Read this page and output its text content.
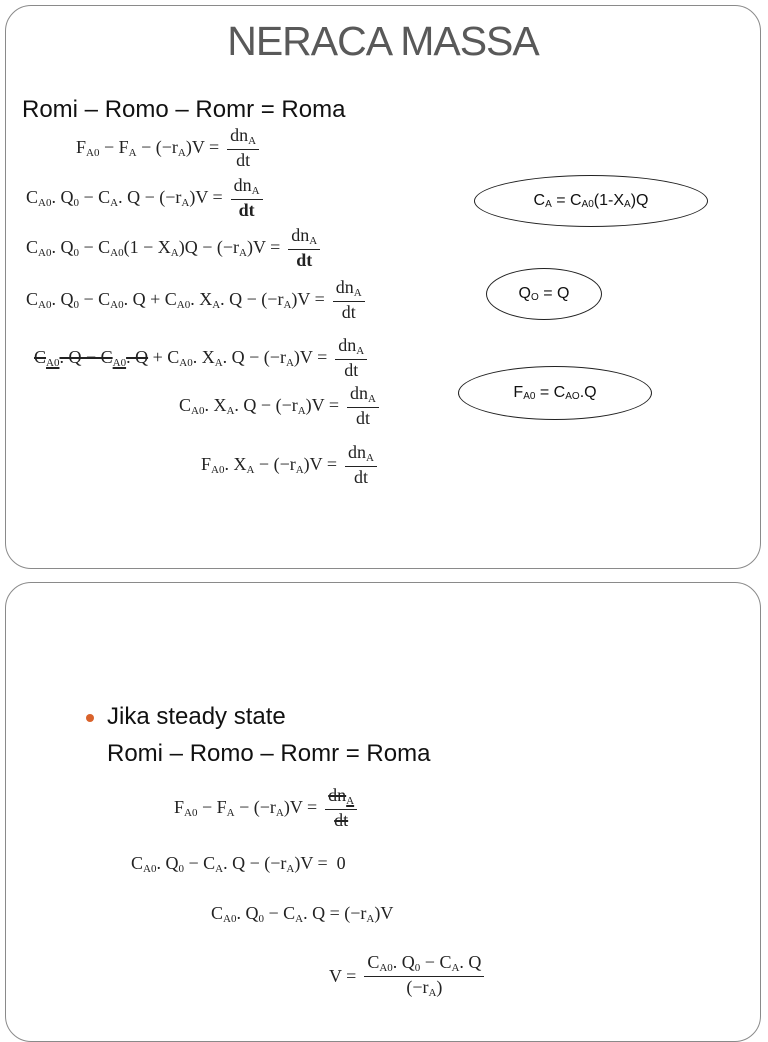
NERACA MASSA
Romi – Romo – Romr = Roma
$F_{A0} - F_A - (-r_A)V = \frac{dn_A}{dt}$
$C_{A0}$. $Q_0 - C_A$. $Q - (-r_A)V = \frac{dn_A}{dt}$
$C_{A0}$. $Q_0 - C_{A0}(1 - X_A)Q - (-r_A)V = \frac{dn_A}{dt}$
$C_{A0}$. $Q_0 - C_{A0}$. $Q + C_{A0}$. $X_A$. $Q - (-r_A)V = \frac{dn_A}{dt}$
$C_{A0}$. $Q - C_{A0}$. $Q + C_{A0}$. $X_A$. $Q - (-r_A)V = \frac{dn_A}{dt}$
$C_{A0}$. $X_A$. $Q - (-r_A)V = \frac{dn_A}{dt}$
$F_{A0}$. $X_A - (-r_A)V = \frac{dn_A}{dt}$
$C_A = C_{A0}(1-X_A)Q$
$Q_O = Q$
$F_{A0} = C_{AO}.Q$
Jika steady state
Romi – Romo – Romr = Roma
$F_{A0} - F_A - (-r_A)V = \frac{dn_A}{dt}$
$C_{A0}$. $Q_0 - C_A$. $Q - (-r_A)V = 0$
$C_{A0}$. $Q_0 - C_A$. $Q = (-r_A)V$
$V = \frac{C_{A0}. Q_0 - C_A. Q}{(-r_A)}$
